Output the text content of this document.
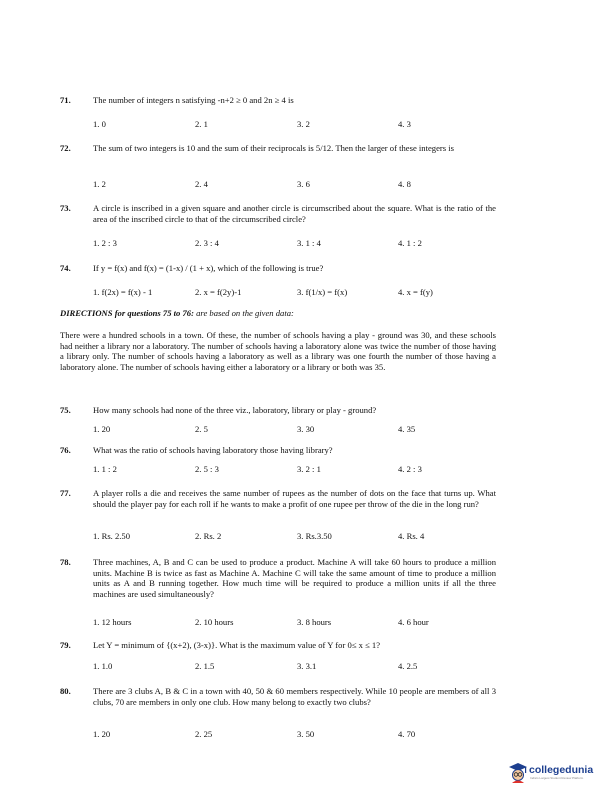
71.	The number of integers n satisfying -n+2 ≥ 0 and 2n ≥ 4 is
1. 0	2. 1	3. 2	4. 3
72.	The sum of two integers is 10 and the sum of their reciprocals is 5/12. Then the larger of these integers is
1. 2	2. 4	3. 6	4. 8
73.	A circle is inscribed in a given square and another circle is circumscribed about the square. What is the ratio of the area of the inscribed circle to that of the circumscribed circle?
1. 2 : 3	2. 3 : 4	3. 1 : 4	4. 1 : 2
74.	If y = f(x) and f(x) = (1-x) / (1 + x), which of the following is true?
1. f(2x) = f(x) - 1	2. x = f(2y)-1	3. f(1/x) = f(x)	4. x = f(y)
DIRECTIONS for questions 75 to 76: are based on the given data:
There were a hundred schools in a town. Of these, the number of schools having a play - ground was 30, and these schools had neither a library nor a laboratory. The number of schools having a laboratory alone was twice the number of those having a library only. The number of schools having a laboratory as well as a library was one fourth the number of those having a laboratory alone. The number of schools having either a laboratory or a library or both was 35.
75.	How many schools had none of the three viz., laboratory, library or play - ground?
1. 20	2. 5	3. 30	4. 35
76.	What was the ratio of schools having laboratory those having library?
1. 1 : 2	2. 5 : 3	3. 2 : 1	4. 2 : 3
77.	A player rolls a die and receives the same number of rupees as the number of dots on the face that turns up. What should the player pay for each roll if he wants to make a profit of one rupee per throw of the die in the long run?
1. Rs. 2.50	2. Rs. 2	3. Rs.3.50	4. Rs. 4
78.	Three machines, A, B and C can be used to produce a product. Machine A will take 60 hours to produce a million units. Machine B is twice as fast as Machine A. Machine C will take the same amount of time to produce a million units as A and B running together. How much time will be required to produce a million units if all the three machines are used simultaneously?
1. 12 hours	2. 10 hours	3. 8 hours	4. 6 hour
79.	Let Y = minimum of {(x+2), (3-x)}. What is the maximum value of Y for 0≤ x ≤ 1?
1. 1.0	2. 1.5	3. 3.1	4. 2.5
80.	There are 3 clubs A, B & C in a town with 40, 50 & 60 members respectively. While 10 people are members of all 3 clubs, 70 are members in only one club. How many belong to exactly two clubs?
1. 20	2. 25	3. 50	4. 70
collegedunia
India's Largest Student Review Platform
